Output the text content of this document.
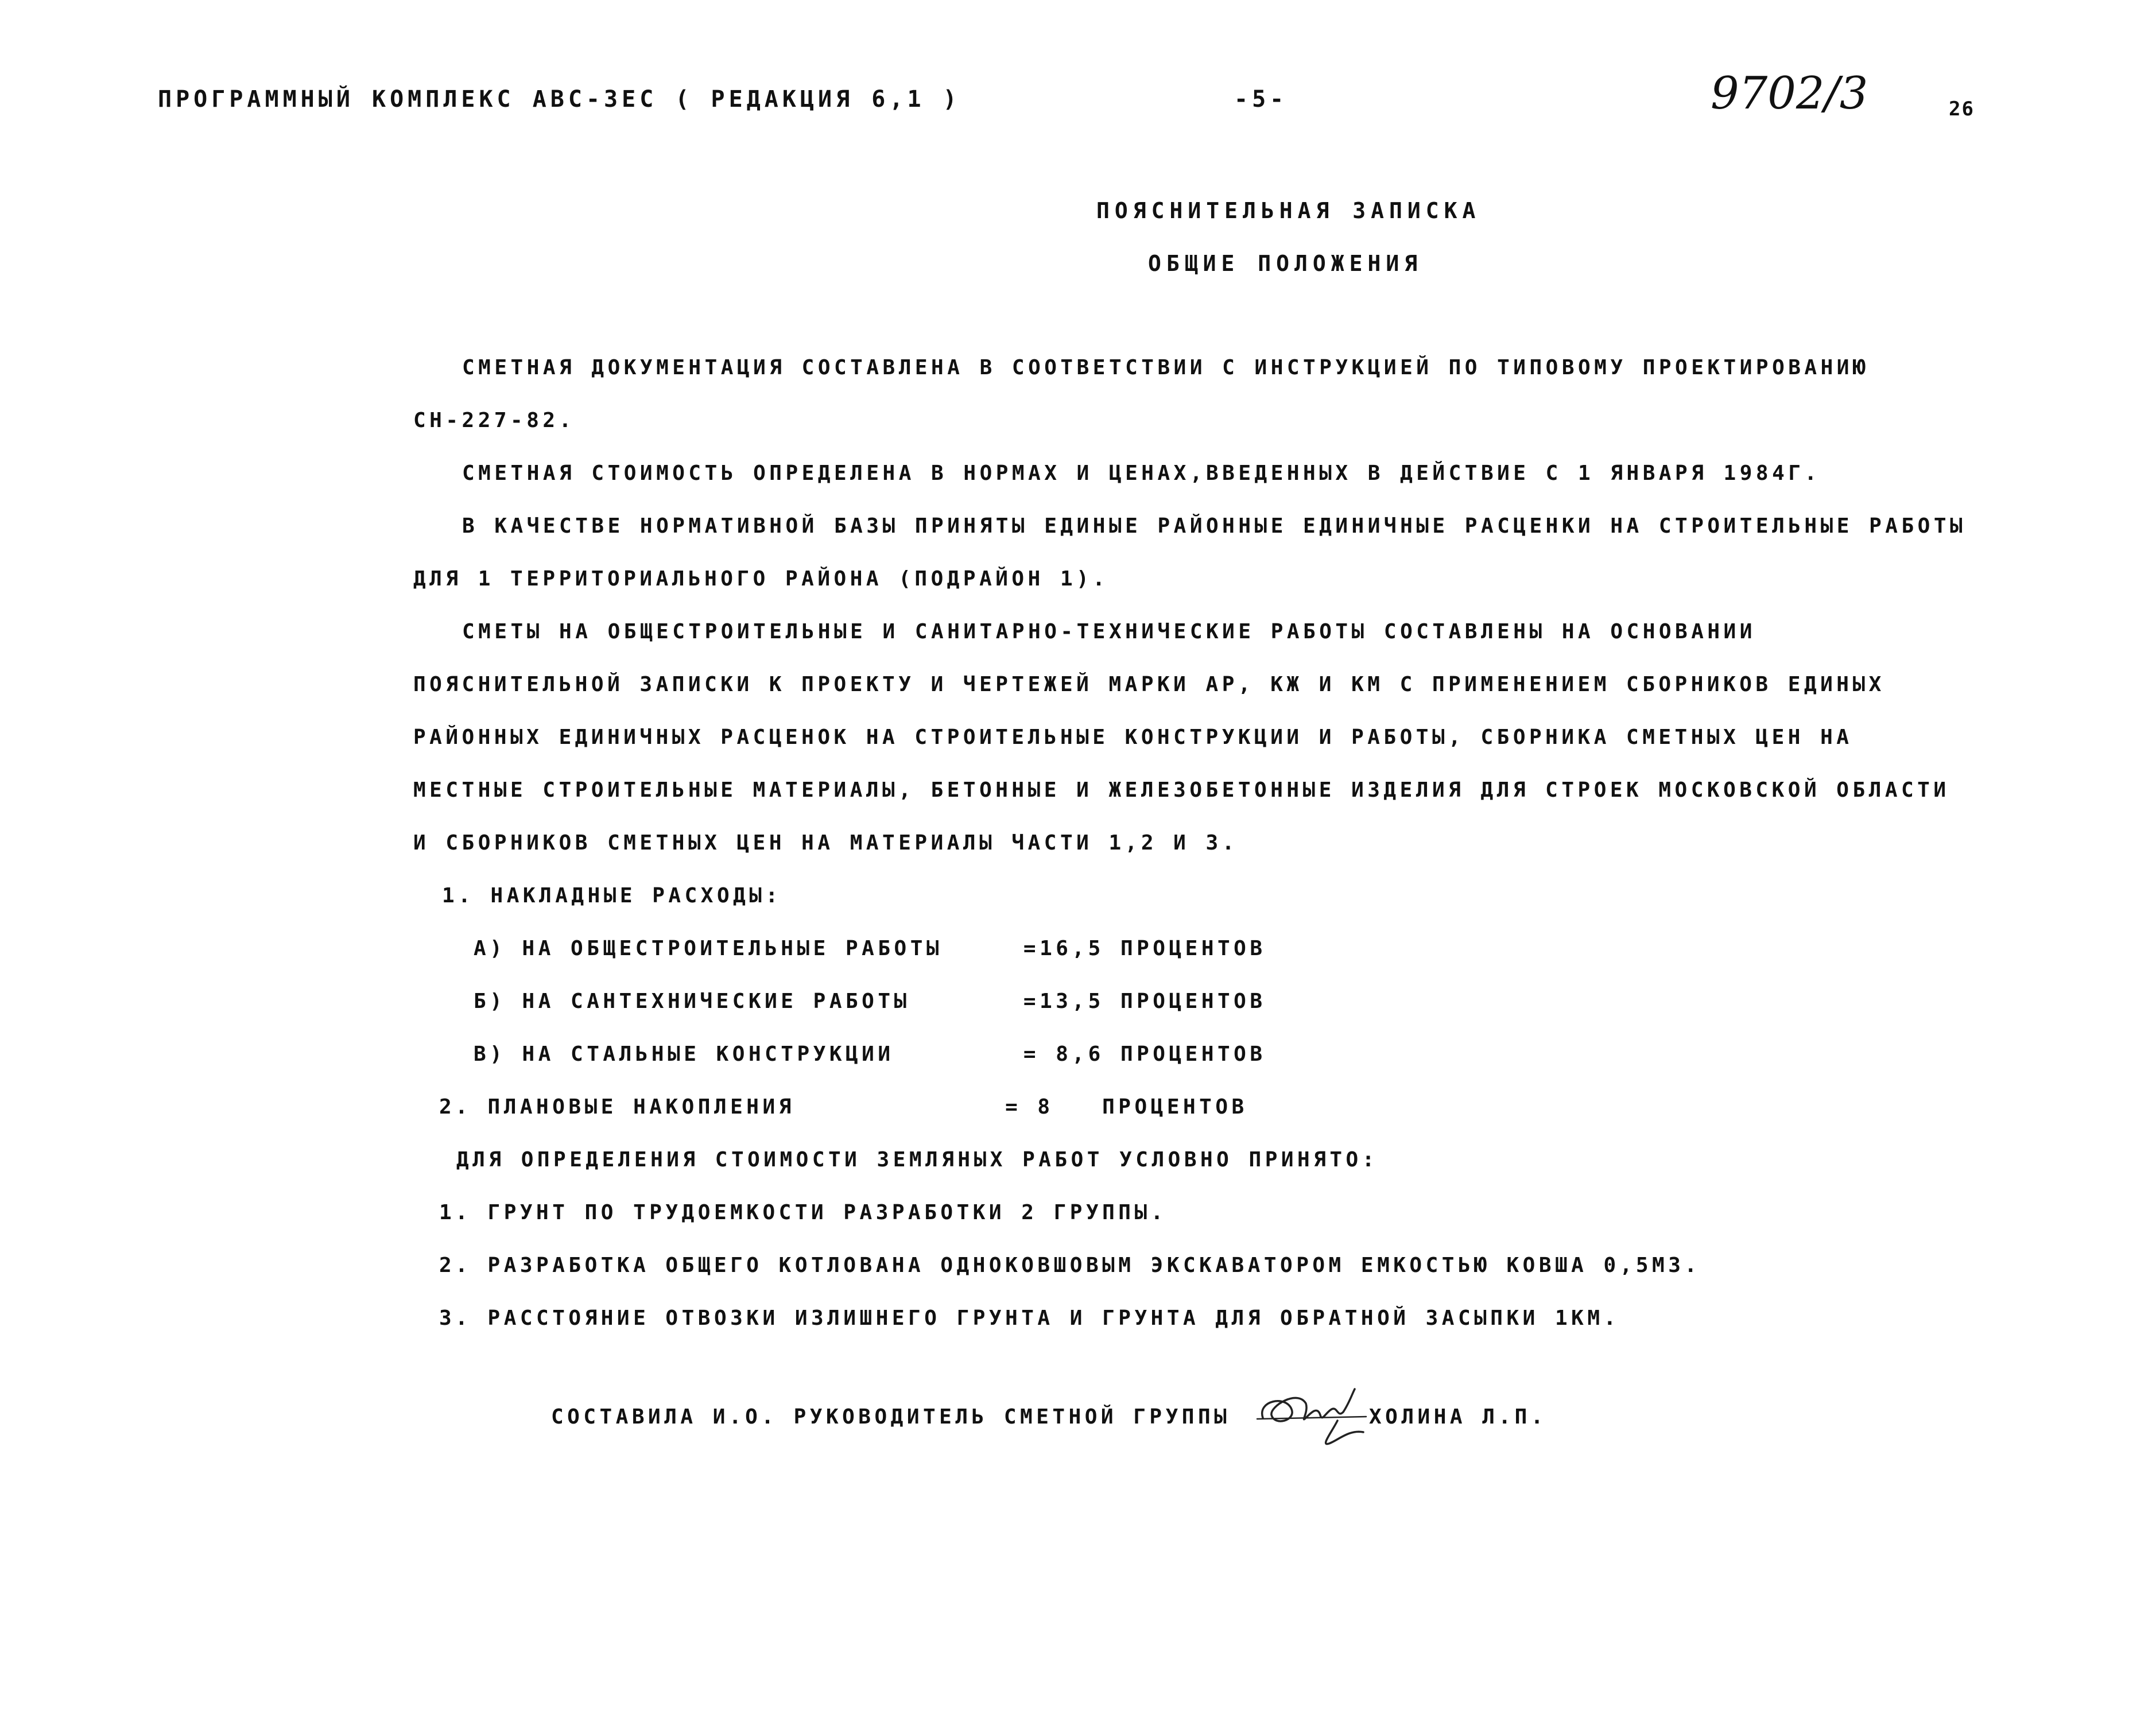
ПРОГРАММНЫЙ КОМПЛЕКС АВС-ЗЕС ( РЕДАКЦИЯ 6,1 )	-5-	9702/3	26
ПОЯСНИТЕЛЬНАЯ ЗАПИСКА
ОБЩИЕ ПОЛОЖЕНИЯ
СМЕТНАЯ ДОКУМЕНТАЦИЯ СОСТАВЛЕНА В СООТВЕТСТВИИ С ИНСТРУКЦИЕЙ ПО ТИПОВОМУ ПРОЕКТИРОВАНИЮ
СН-227-82.
СМЕТНАЯ СТОИМОСТЬ ОПРЕДЕЛЕНА В НОРМАХ И ЦЕНАХ,ВВЕДЕННЫХ В ДЕЙСТВИЕ С 1 ЯНВАРЯ 1984Г.
В КАЧЕСТВЕ НОРМАТИВНОЙ БАЗЫ ПРИНЯТЫ ЕДИНЫЕ РАЙОННЫЕ ЕДИНИЧНЫЕ РАСЦЕНКИ НА СТРОИТЕЛЬНЫЕ РАБОТЫ
ДЛЯ 1 ТЕРРИТОРИАЛЬНОГО РАЙОНА (ПОДРАЙОН 1).
СМЕТЫ НА ОБЩЕСТРОИТЕЛЬНЫЕ И САНИТАРНО-ТЕХНИЧЕСКИЕ РАБОТЫ СОСТАВЛЕНЫ НА ОСНОВАНИИ
ПОЯСНИТЕЛЬНОЙ ЗАПИСКИ К ПРОЕКТУ И ЧЕРТЕЖЕЙ МАРКИ АР, КЖ И КМ С ПРИМЕНЕНИЕМ СБОРНИКОВ ЕДИНЫХ
РАЙОННЫХ ЕДИНИЧНЫХ РАСЦЕНОК НА СТРОИТЕЛЬНЫЕ КОНСТРУКЦИИ И РАБОТЫ, СБОРНИКА СМЕТНЫХ ЦЕН НА
МЕСТНЫЕ СТРОИТЕЛЬНЫЕ МАТЕРИАЛЫ, БЕТОННЫЕ И ЖЕЛЕЗОБЕТОННЫЕ ИЗДЕЛИЯ ДЛЯ СТРОЕК МОСКОВСКОЙ ОБЛАСТИ
И СБОРНИКОВ СМЕТНЫХ ЦЕН НА МАТЕРИАЛЫ ЧАСТИ 1,2 И 3.
1. НАКЛАДНЫЕ РАСХОДЫ:
А) НА ОБЩЕСТРОИТЕЛЬНЫЕ РАБОТЫ     =16,5 ПРОЦЕНТОВ
Б) НА САНТЕХНИЧЕСКИЕ РАБОТЫ       =13,5 ПРОЦЕНТОВ
В) НА СТАЛЬНЫЕ КОНСТРУКЦИИ        = 8,6 ПРОЦЕНТОВ
2. ПЛАНОВЫЕ НАКОПЛЕНИЯ             = 8   ПРОЦЕНТОВ
ДЛЯ ОПРЕДЕЛЕНИЯ СТОИМОСТИ ЗЕМЛЯНЫХ РАБОТ УСЛОВНО ПРИНЯТО:
1. ГРУНТ ПО ТРУДОЕМКОСТИ РАЗРАБОТКИ 2 ГРУППЫ.
2. РАЗРАБОТКА ОБЩЕГО КОТЛОВАНА ОДНОКОВШОВЫМ ЭКСКАВАТОРОМ ЕМКОСТЬЮ КОВША 0,5М3.
3. РАССТОЯНИЕ ОТВОЗКИ ИЗЛИШНЕГО ГРУНТА И ГРУНТА ДЛЯ ОБРАТНОЙ ЗАСЫПКИ 1КМ.
СОСТАВИЛА И.О. РУКОВОДИТЕЛЬ СМЕТНОЙ ГРУППЫ	ХОЛИНА Л.П.
